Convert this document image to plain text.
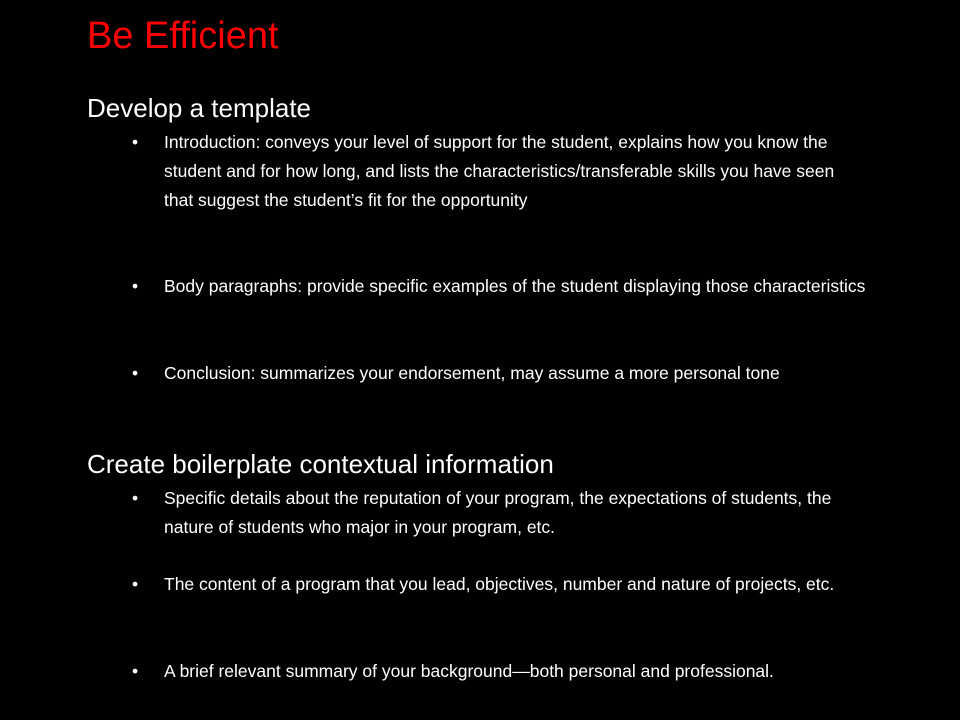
Be Efficient
Develop a template
•	Introduction: conveys your level of support for the student, explains how you know the student and for how long, and lists the characteristics/transferable skills you have seen that suggest the student’s fit for the opportunity
•	Body paragraphs: provide specific examples of the student displaying those characteristics
•	Conclusion: summarizes your endorsement, may assume a more personal tone
Create boilerplate contextual information
•	Specific details about the reputation of your program, the expectations of students, the nature of students who major in your program, etc.
•	The content of a program that you lead, objectives, number and nature of projects, etc.
•	A brief relevant summary of your background—both personal and professional.
